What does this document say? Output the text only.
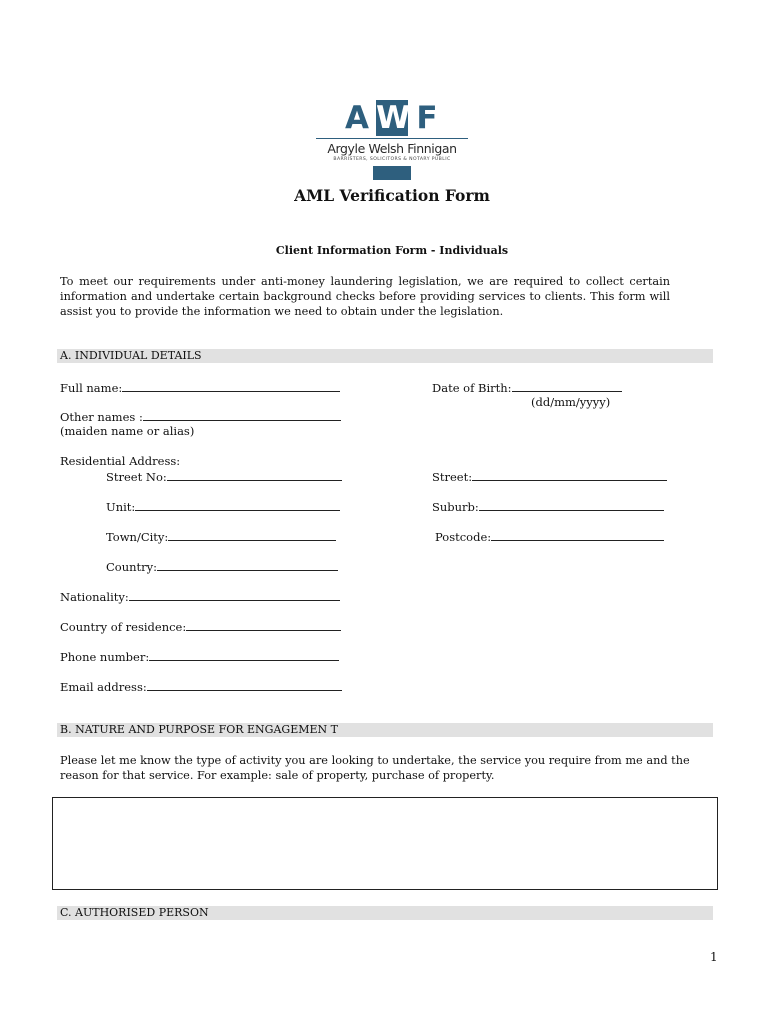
A W F
Argyle Welsh Finnigan
BARRISTERS, SOLICITORS & NOTARY PUBLIC
AML Verification Form
Client Information Form - Individuals
To meet our requirements under anti-money laundering legislation, we are required to collect certain information and undertake certain background checks before providing services to clients. This form will assist you to provide the information we need to obtain under the legislation.
A. INDIVIDUAL DETAILS
Full name:	Date of Birth:
(dd/mm/yyyy)
Other names :
(maiden name or alias)
Residential Address:
Street No:	Street:
Unit:	Suburb:
Town/City:	Postcode:
Country:
Nationality:
Country of residence:
Phone number:
Email address:
B. NATURE AND PURPOSE FOR ENGAGEMEN T
Please let me know the type of activity you are looking to undertake, the service you require from me and the reason for that service. For example: sale of property, purchase of property.
C. AUTHORISED PERSON
1
